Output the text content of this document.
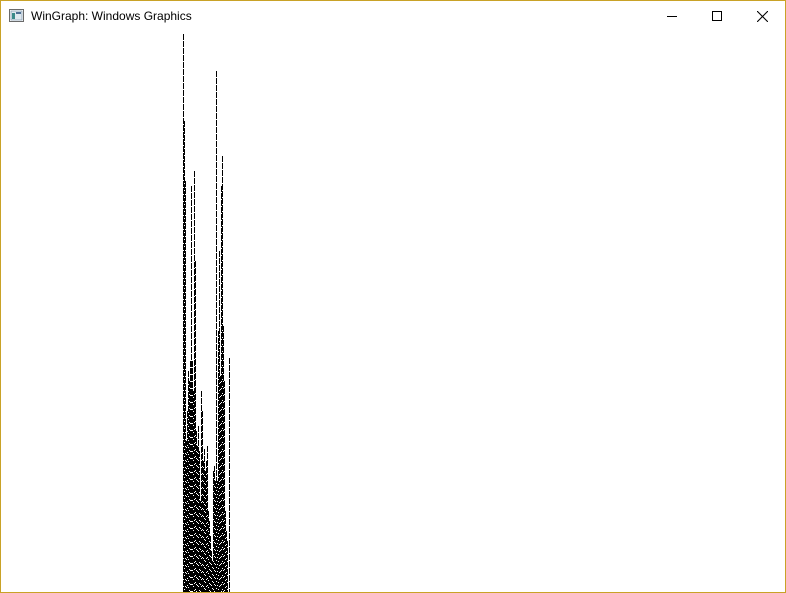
WinGraph: Windows Graphics
